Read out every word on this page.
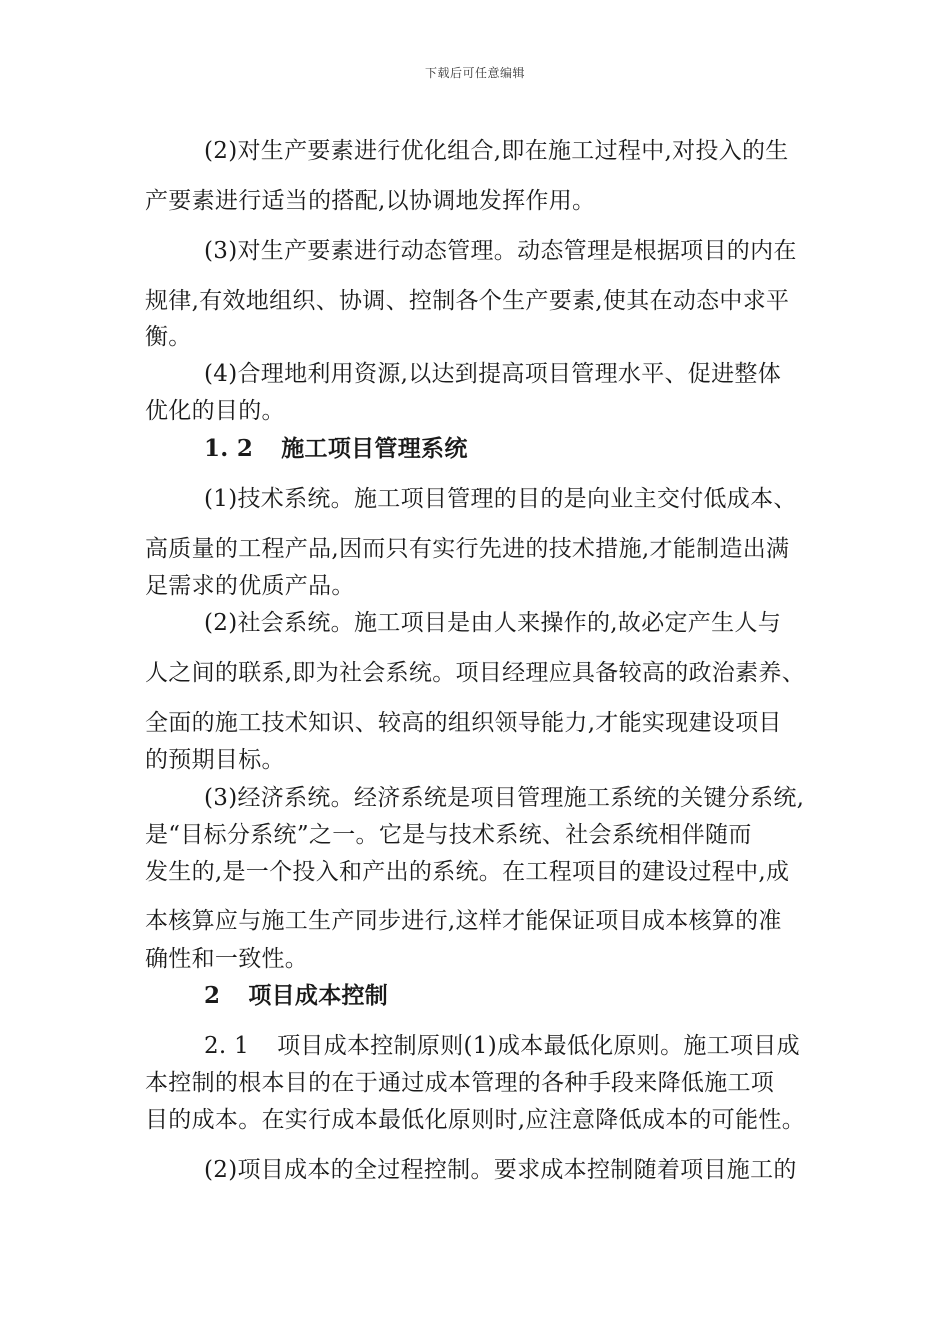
下载后可任意编辑
(2)对生产要素进行优化组合,即在施工过程中,对投入的生
产要素进行适当的搭配,以协调地发挥作用。
(3)对生产要素进行动态管理。动态管理是根据项目的内在
规律,有效地组织、协调、控制各个生产要素,使其在动态中求平
衡。
(4)合理地利用资源,以达到提高项目管理水平、促进整体
优化的目的。
1. 2 施工项目管理系统
(1)技术系统。施工项目管理的目的是向业主交付低成本、
高质量的工程产品,因而只有实行先进的技术措施,才能制造出满
足需求的优质产品。
(2)社会系统。施工项目是由人来操作的,故必定产生人与
人之间的联系,即为社会系统。项目经理应具备较高的政治素养、
全面的施工技术知识、较高的组织领导能力,才能实现建设项目
的预期目标。
(3)经济系统。经济系统是项目管理施工系统的关键分系统,
是“目标分系统”之一。它是与技术系统、社会系统相伴随而
发生的,是一个投入和产出的系统。在工程项目的建设过程中,成
本核算应与施工生产同步进行,这样才能保证项目成本核算的准
确性和一致性。
2 项目成本控制
2. 1 项目成本控制原则(1)成本最低化原则。施工项目成
本控制的根本目的在于通过成本管理的各种手段来降低施工项
目的成本。在实行成本最低化原则时,应注意降低成本的可能性。
(2)项目成本的全过程控制。要求成本控制随着项目施工的
